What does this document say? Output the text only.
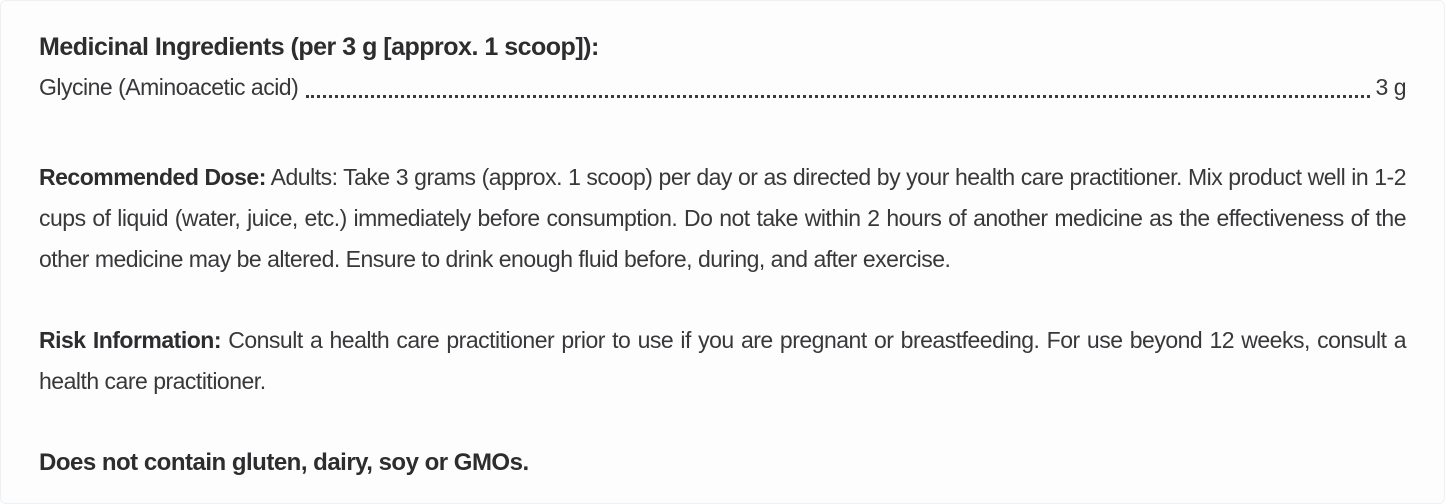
Medicinal Ingredients (per 3 g [approx. 1 scoop]):
Glycine (Aminoacetic acid)	3 g

Recommended Dose: Adults: Take 3 grams (approx. 1 scoop) per day or as directed by your health care practitioner. Mix product well in 1-2 cups of liquid (water, juice, etc.) immediately before consumption. Do not take within 2 hours of another medicine as the effectiveness of the other medicine may be altered. Ensure to drink enough fluid before, during, and after exercise.

Risk Information: Consult a health care practitioner prior to use if you are pregnant or breastfeeding. For use beyond 12 weeks, consult a health care practitioner.

Does not contain gluten, dairy, soy or GMOs.
